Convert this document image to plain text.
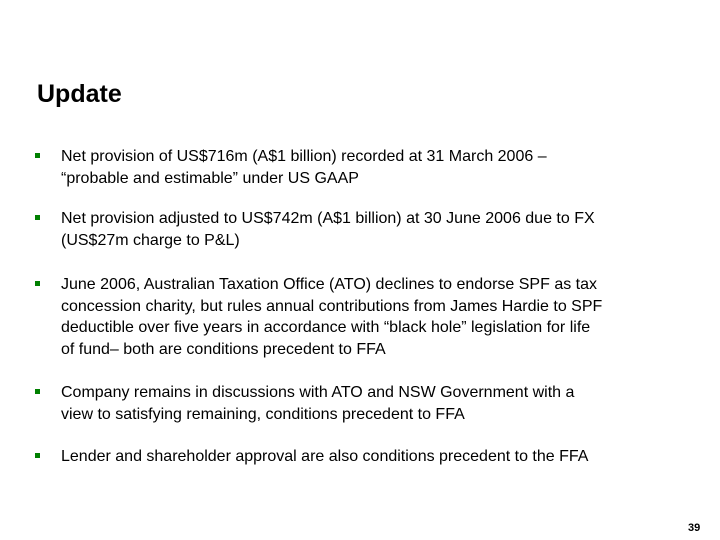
Update
Net provision of US$716m (A$1 billion) recorded at 31 March 2006 –
“probable and estimable” under US GAAP
Net provision adjusted to US$742m (A$1 billion) at 30 June 2006 due to FX
(US$27m charge to P&L)
June 2006, Australian Taxation Office (ATO) declines to endorse SPF as tax
concession charity, but rules annual contributions from James Hardie to SPF
deductible over five years in accordance with “black hole” legislation for life
of fund– both are conditions precedent to FFA
Company remains in discussions with ATO and NSW Government with a
view to satisfying remaining, conditions precedent to FFA
Lender and shareholder approval are also conditions precedent to the FFA
39
